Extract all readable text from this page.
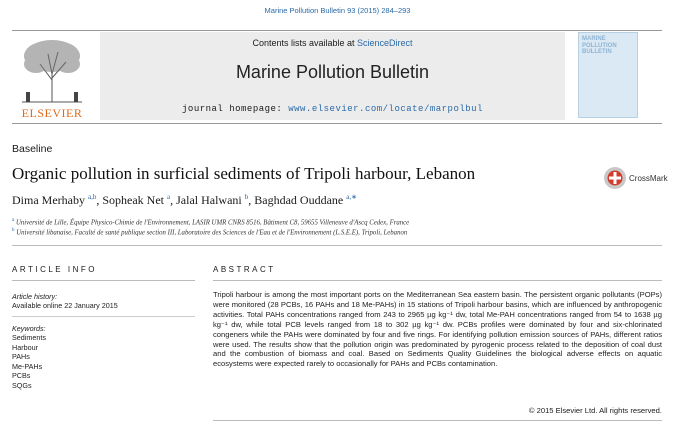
Marine Pollution Bulletin 93 (2015) 284–293
ELSEVIER
Contents lists available at ScienceDirect
Marine Pollution Bulletin
journal homepage: www.elsevier.com/locate/marpolbul
MARINE
POLLUTION
BULLETIN
Baseline
Organic pollution in surficial sediments of Tripoli harbour, Lebanon
Dima Merhaby $^{a,b}$, Sopheak Net $^a$, Jalal Halwani $^b$, Baghdad Ouddane $^{a,∗}$
CrossMark
$^a$ Université de Lille, Équipe Physico-Chimie de l'Environnement, LASIR UMR CNRS 8516, Bâtiment C8, 59655 Villeneuve d'Ascq Cedex, France
$^b$ Université libanaise, Faculté de santé publique section III, Laboratoire des Sciences de l'Eau et de l'Environnement (L.S.E.E), Tripoli, Lebanon
ARTICLE INFO	ABSTRACT
Article history:
Available online 22 January 2015
Keywords:
Sediments
Harbour
PAHs
Me-PAHs
PCBs
SQGs
Tripoli harbour is among the most important ports on the Mediterranean Sea eastern basin. The persistent organic pollutants (POPs) were monitored (28 PCBs, 16 PAHs and 18 Me-PAHs) in 15 stations of Tripoli harbour basins, which are influenced by anthropogenic activities. Total PAHs concentrations ranged from 243 to 2965 µg kg⁻¹ dw, total Me-PAH concentrations ranged from 54 to 1638 µg kg⁻¹ dw, while total PCB levels ranged from 18 to 302 µg kg⁻¹ dw. PCBs profiles were dominated by four and six-chlorinated congeners while the PAHs were dominated by four and five rings. For identifying pollution emission sources of PAHs, different ratios were used. The results show that the pollution origin was predominated by pyrogenic process related to the deposition of coal dust and the combustion of biomass and coal. Based on Sediments Quality Guidelines the biological adverse effects on aquatic ecosystems were expected rarely to occasionally for PAHs and PCBs contamination.
© 2015 Elsevier Ltd. All rights reserved.
